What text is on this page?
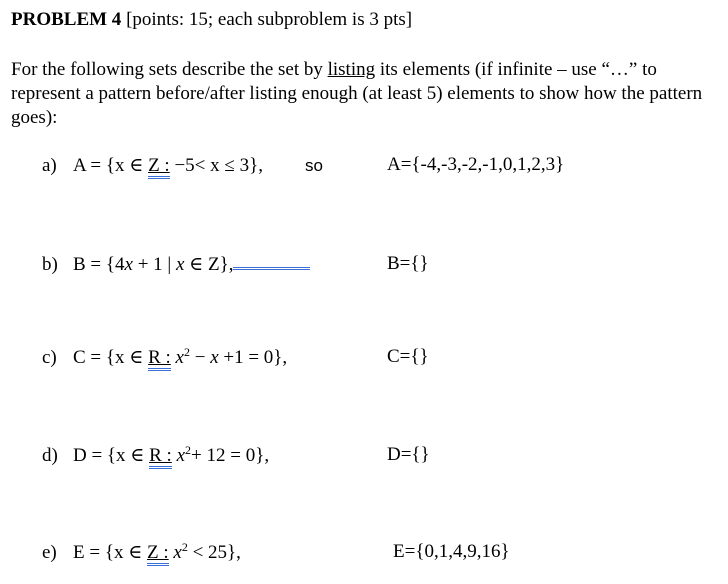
PROBLEM 4 [points: 15; each subproblem is 3 pts]
For the following sets describe the set by listing its elements (if infinite – use “…” to represent a pattern before/after listing enough (at least 5) elements to show how the pattern goes):
a) A = {x ∈ Z : −5< x ≤ 3}, so	A={-4,-3,-2,-1,0,1,2,3}
b) B = {4x + 1 | x ∈ Z},	B={}
c) C = {x ∈ R : $x^2 - x +1 = 0$},	C={}
d) D = {x ∈ R : $x^2+ 12 = 0$},	D={}
e) E = {x ∈ Z : $x^2 < 25$},	E={0,1,4,9,16}
